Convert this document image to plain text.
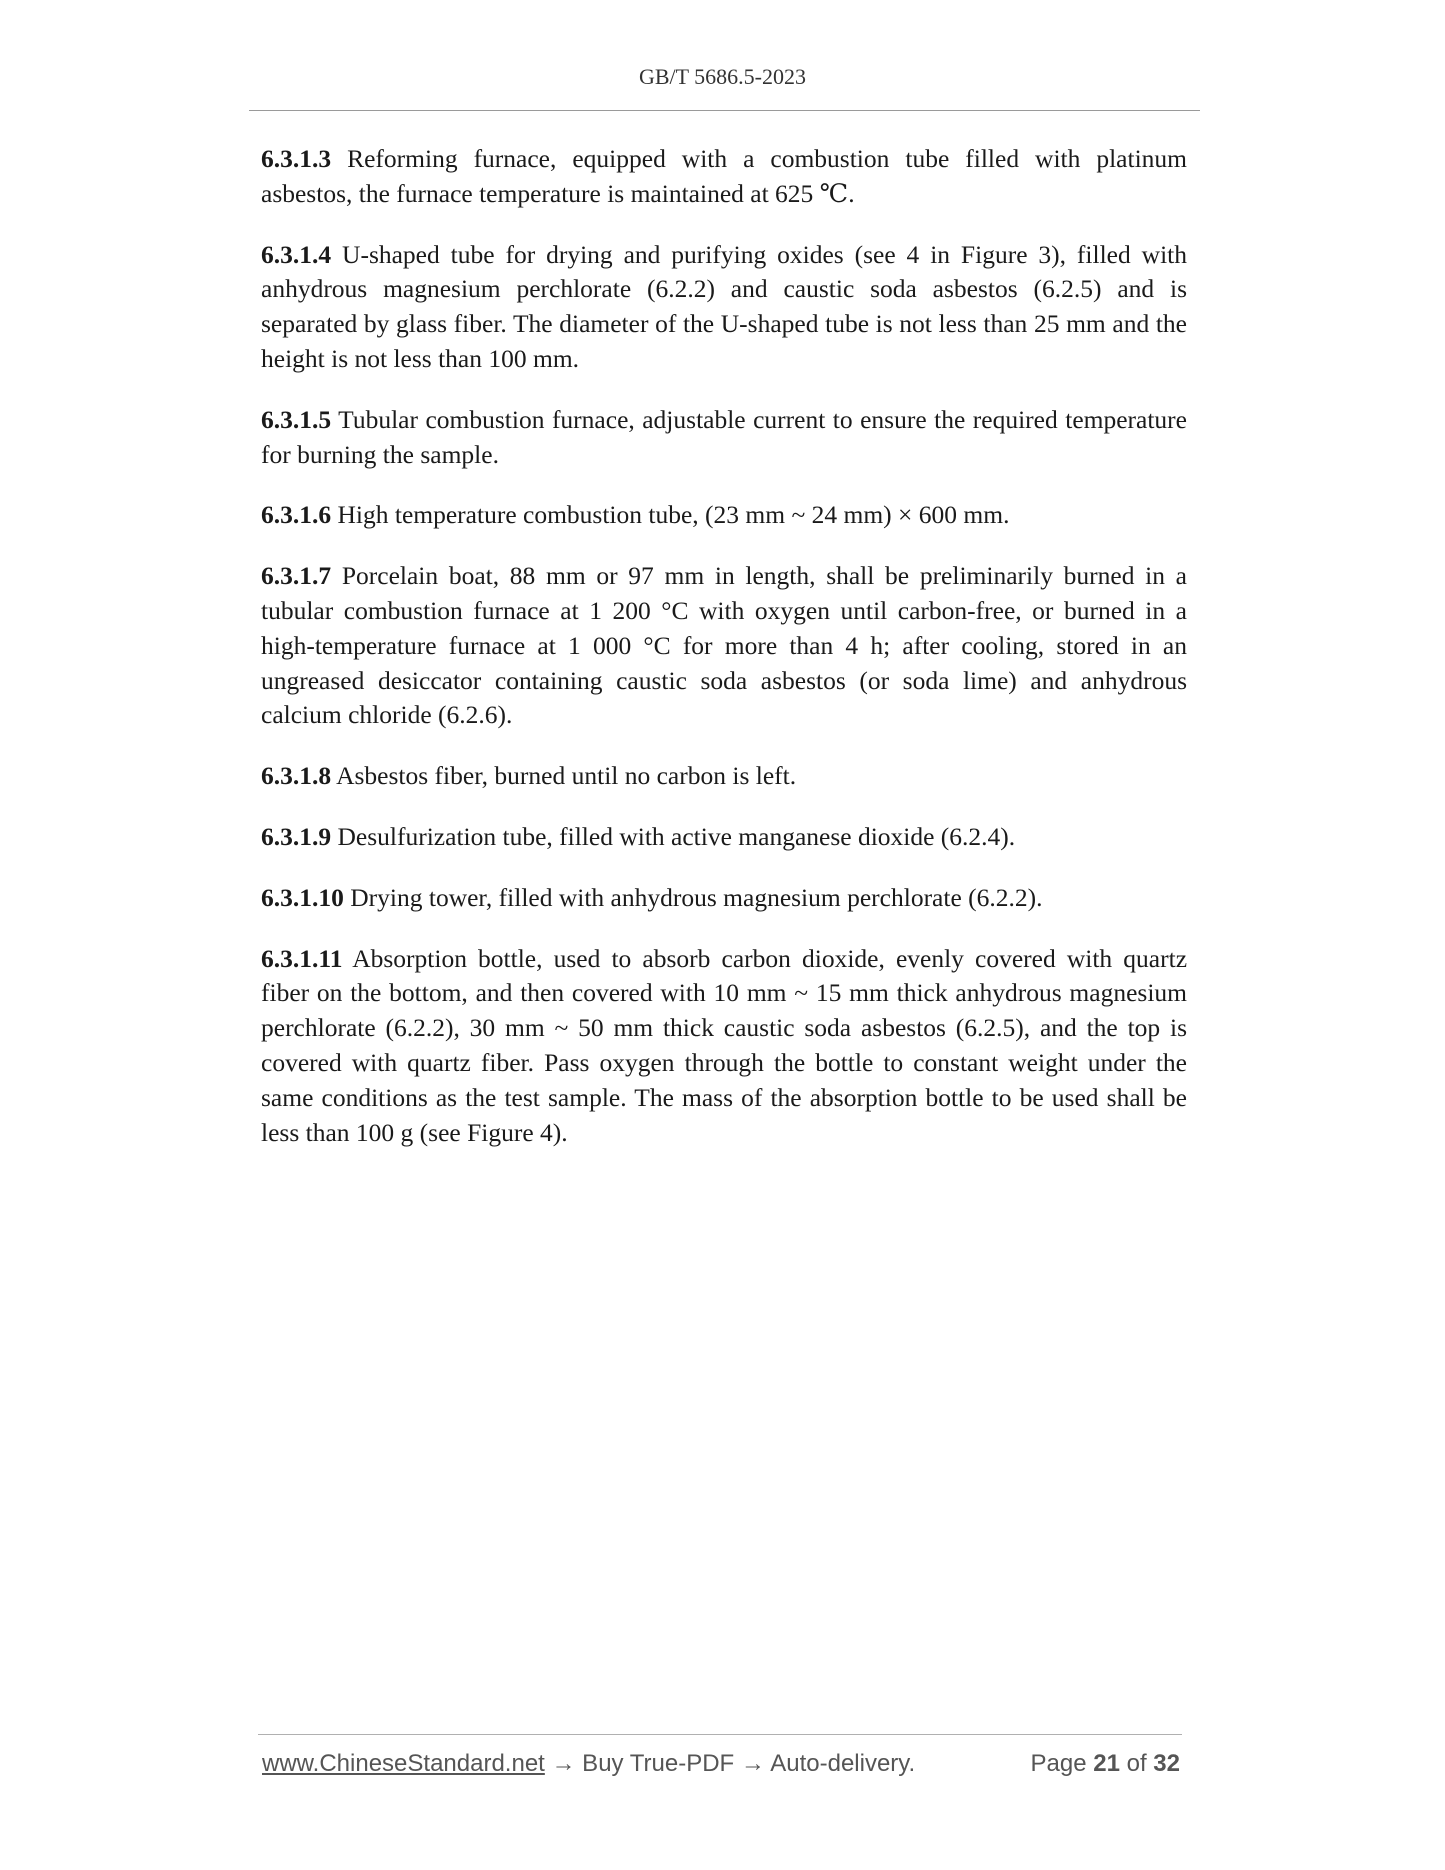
GB/T 5686.5-2023

6.3.1.3 Reforming furnace, equipped with a combustion tube filled with platinum asbestos, the furnace temperature is maintained at 625 ℃.

6.3.1.4 U-shaped tube for drying and purifying oxides (see 4 in Figure 3), filled with anhydrous magnesium perchlorate (6.2.2) and caustic soda asbestos (6.2.5) and is separated by glass fiber. The diameter of the U-shaped tube is not less than 25 mm and the height is not less than 100 mm.

6.3.1.5 Tubular combustion furnace, adjustable current to ensure the required temperature for burning the sample.

6.3.1.6 High temperature combustion tube, (23 mm ~ 24 mm) × 600 mm.

6.3.1.7 Porcelain boat, 88 mm or 97 mm in length, shall be preliminarily burned in a tubular combustion furnace at 1 200 °C with oxygen until carbon-free, or burned in a high-temperature furnace at 1 000 °C for more than 4 h; after cooling, stored in an ungreased desiccator containing caustic soda asbestos (or soda lime) and anhydrous calcium chloride (6.2.6).

6.3.1.8 Asbestos fiber, burned until no carbon is left.

6.3.1.9 Desulfurization tube, filled with active manganese dioxide (6.2.4).

6.3.1.10 Drying tower, filled with anhydrous magnesium perchlorate (6.2.2).

6.3.1.11 Absorption bottle, used to absorb carbon dioxide, evenly covered with quartz fiber on the bottom, and then covered with 10 mm ~ 15 mm thick anhydrous magnesium perchlorate (6.2.2), 30 mm ~ 50 mm thick caustic soda asbestos (6.2.5), and the top is covered with quartz fiber. Pass oxygen through the bottle to constant weight under the same conditions as the test sample. The mass of the absorption bottle to be used shall be less than 100 g (see Figure 4).

www.ChineseStandard.net → Buy True-PDF → Auto-delivery.	Page 21 of 32
